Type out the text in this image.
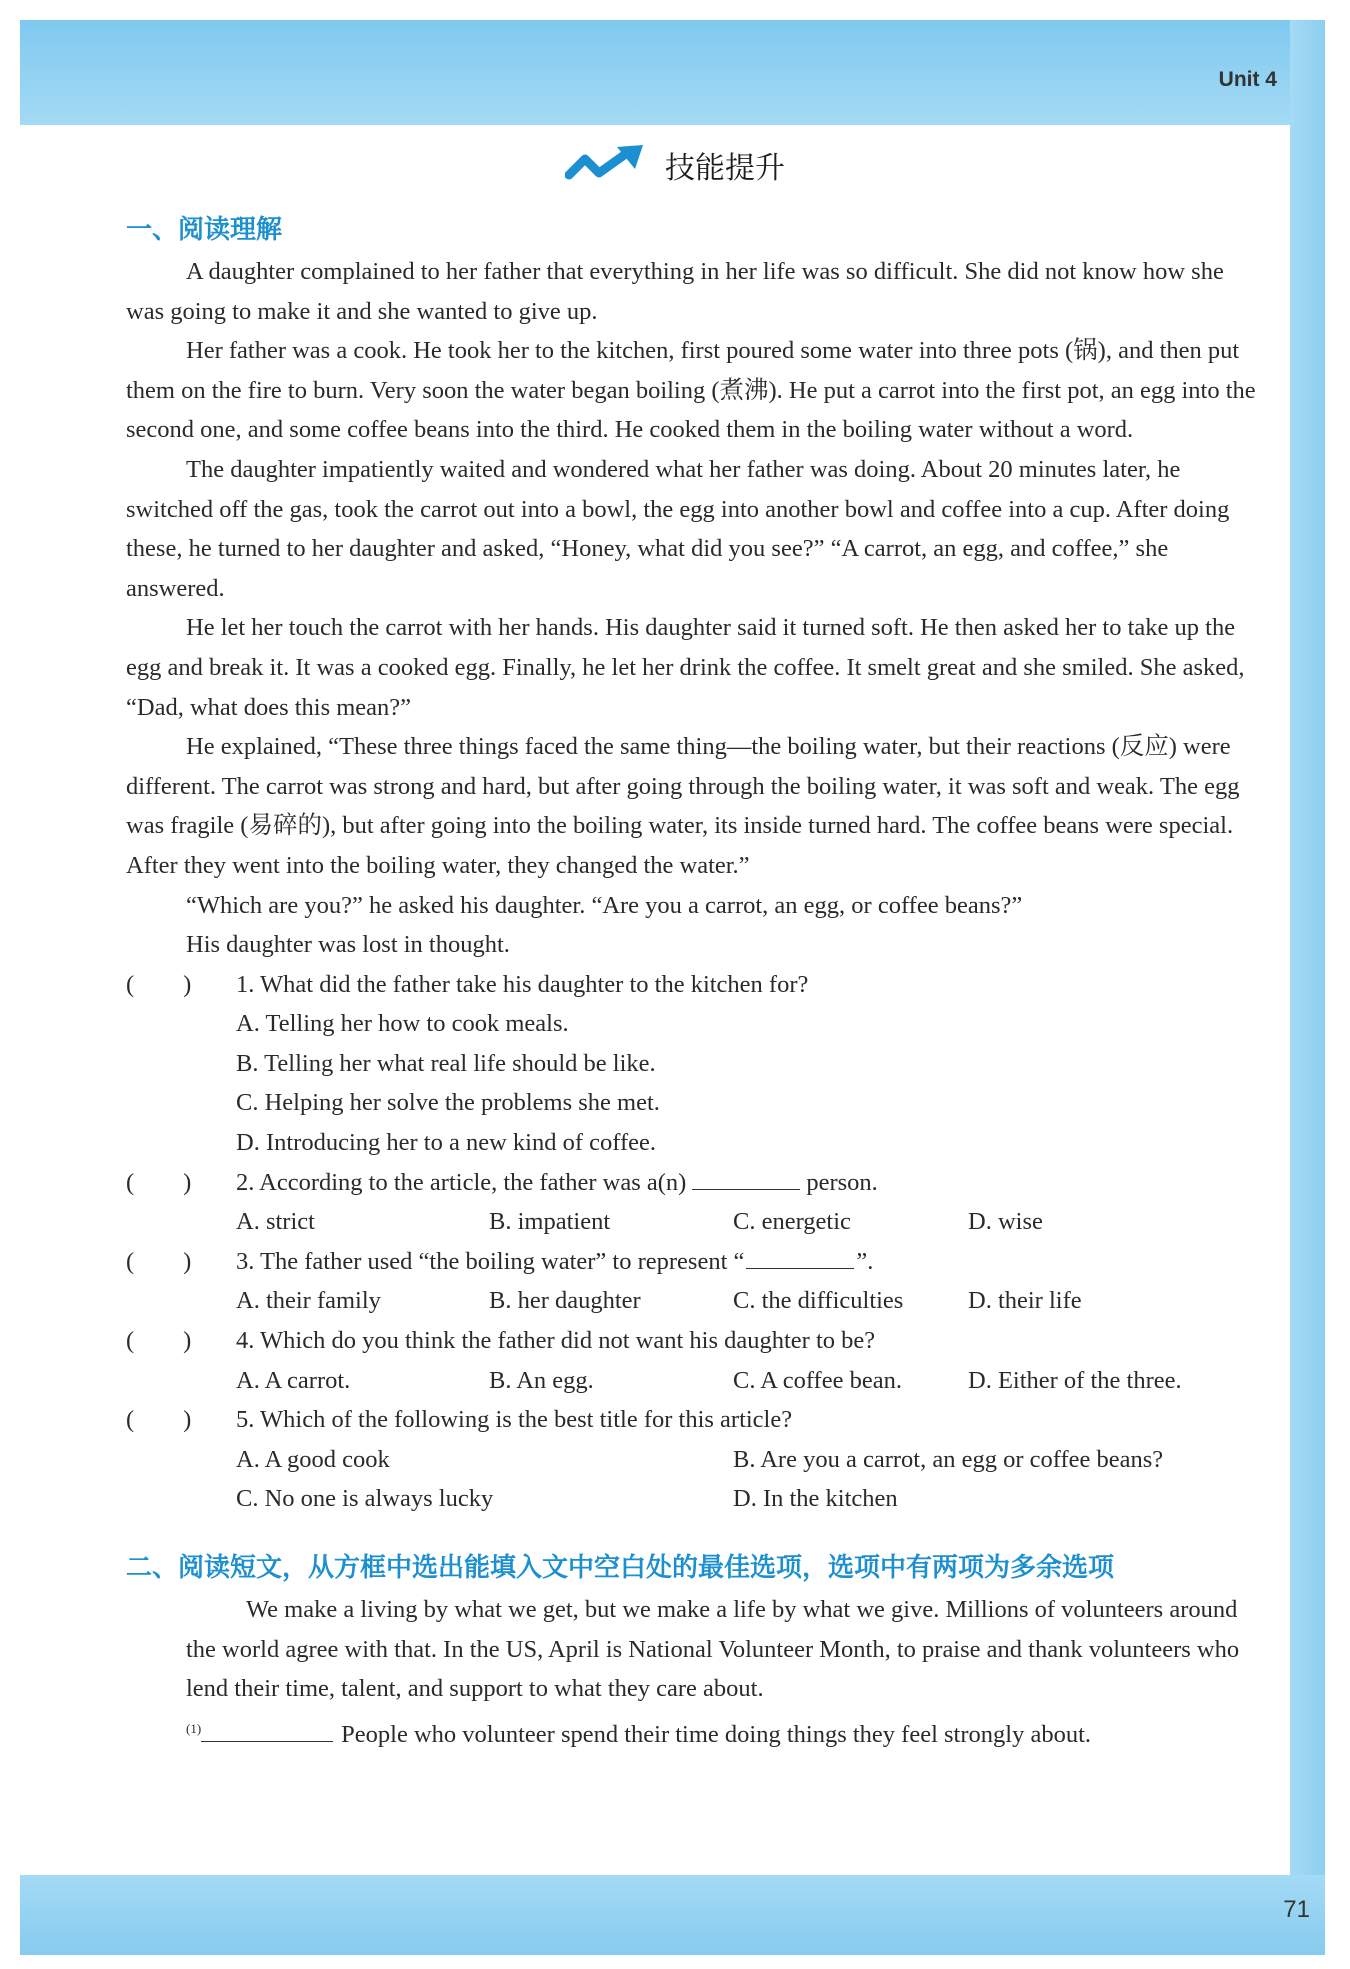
Unit 4
71
技能提升
一、阅读理解

A daughter complained to her father that everything in her life was so difficult. She did not know how she was going to make it and she wanted to give up.

Her father was a cook. He took her to the kitchen, first poured some water into three pots (锅), and then put them on the fire to burn. Very soon the water began boiling (煮沸). He put a carrot into the first pot, an egg into the second one, and some coffee beans into the third. He cooked them in the boiling water without a word.

The daughter impatiently waited and wondered what her father was doing. About 20 minutes later, he switched off the gas, took the carrot out into a bowl, the egg into another bowl and coffee into a cup. After doing these, he turned to her daughter and asked, “Honey, what did you see?” “A carrot, an egg, and coffee,” she answered.

He let her touch the carrot with her hands. His daughter said it turned soft. He then asked her to take up the egg and break it. It was a cooked egg. Finally, he let her drink the coffee. It smelt great and she smiled. She asked, “Dad, what does this mean?”

He explained, “These three things faced the same thing—the boiling water, but their reactions (反应) were different. The carrot was strong and hard, but after going through the boiling water, it was soft and weak. The egg was fragile (易碎的), but after going into the boiling water, its inside turned hard. The coffee beans were special. After they went into the boiling water, they changed the water.”

“Which are you?” he asked his daughter. “Are you a carrot, an egg, or coffee beans?”

His daughter was lost in thought.

(        )	1. What did the father take his daughter to the kitchen for?
A. Telling her how to cook meals.
B. Telling her what real life should be like.
C. Helping her solve the problems she met.
D. Introducing her to a new kind of coffee.
(        )	2. According to the article, the father was a(n)	person.
A. strict	B. impatient	C. energetic	D. wise
(        )	3. The father used “the boiling water” to represent “	”.
A. their family	B. her daughter	C. the difficulties	D. their life
(        )	4. Which do you think the father did not want his daughter to be?
A. A carrot.	B. An egg.	C. A coffee bean.	D. Either of the three.
(        )	5. Which of the following is the best title for this article?
A. A good cook	B. Are you a carrot, an egg or coffee beans?
C. No one is always lucky	D. In the kitchen
二、阅读短文，从方框中选出能填入文中空白处的最佳选项，选项中有两项为多余选项

We make a living by what we get, but we make a life by what we give. Millions of volunteers around the world agree with that. In the US, April is National Volunteer Month, to praise and thank volunteers who lend their time, talent, and support to what they care about.

$^{(1)}$	People who volunteer spend their time doing things they feel strongly about.
